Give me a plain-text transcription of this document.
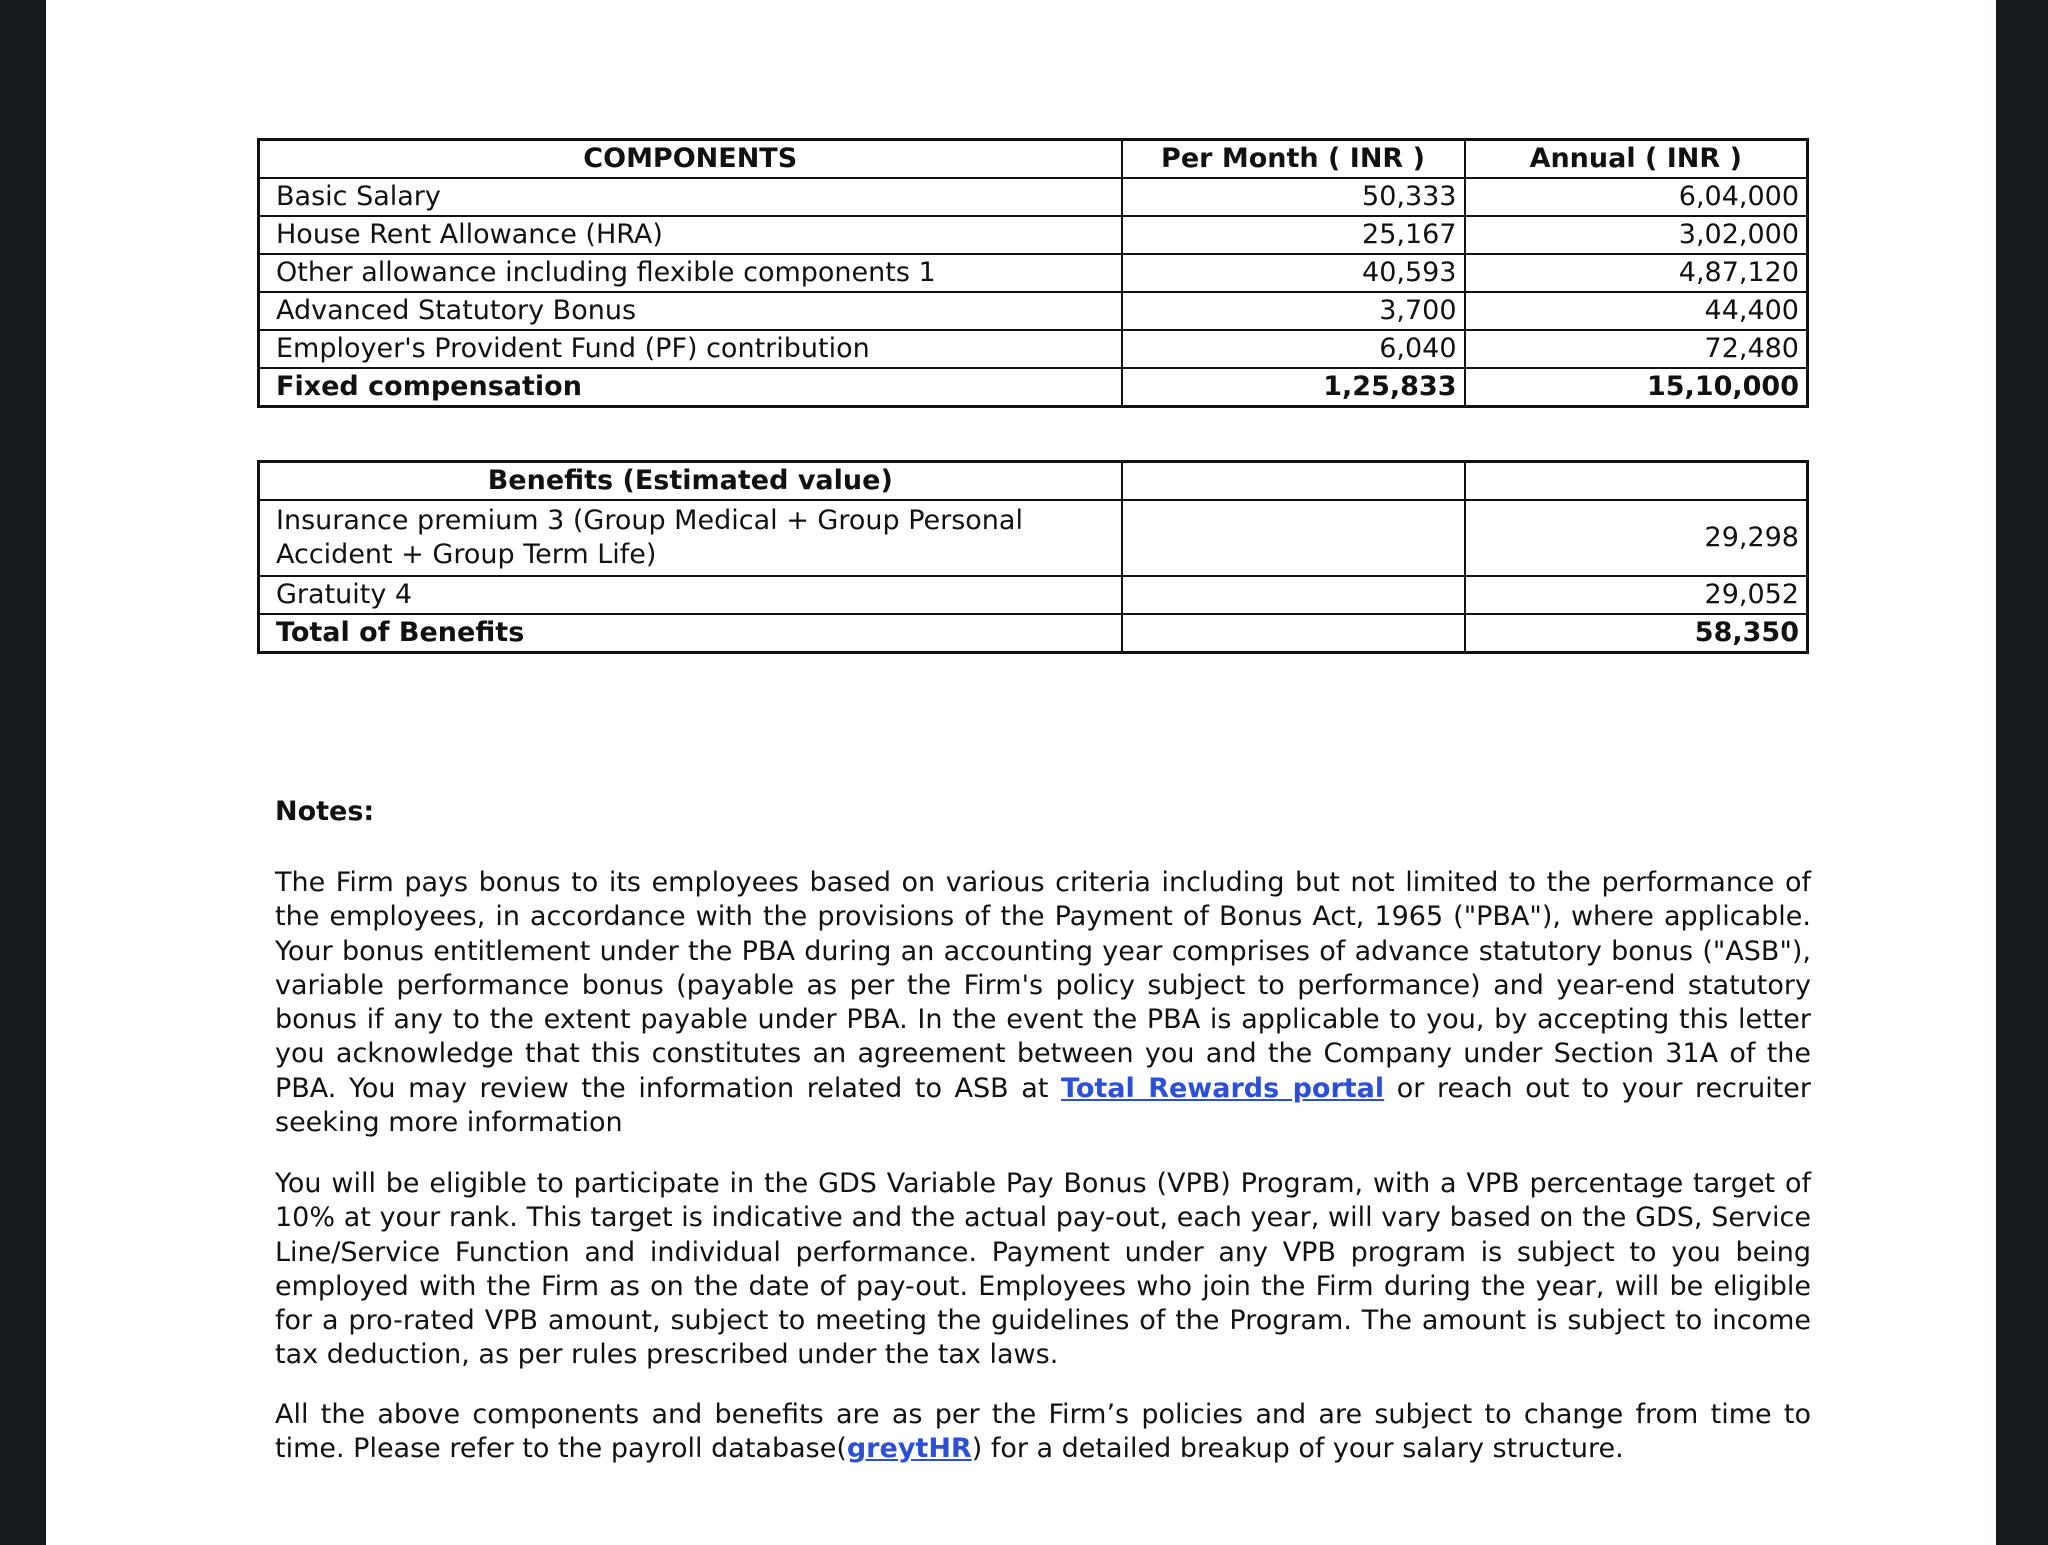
COMPONENTS	Per Month ( INR )	Annual ( INR )
Basic Salary	50,333	6,04,000
House Rent Allowance (HRA)	25,167	3,02,000
Other allowance including flexible components 1	40,593	4,87,120
Advanced Statutory Bonus	3,700	44,400
Employer's Provident Fund (PF) contribution	6,040	72,480
Fixed compensation	1,25,833	15,10,000
Benefits (Estimated value)		
Insurance premium 3 (Group Medical + Group Personal Accident + Group Term Life)		29,298
Gratuity 4		29,052
Total of Benefits		58,350
Notes:

The Firm pays bonus to its employees based on various criteria including but not limited to the performance of the employees, in accordance with the provisions of the Payment of Bonus Act, 1965 ("PBA"), where applicable. Your bonus entitlement under the PBA during an accounting year comprises of advance statutory bonus ("ASB"), variable performance bonus (payable as per the Firm's policy subject to performance) and year-end statutory bonus if any to the extent payable under PBA. In the event the PBA is applicable to you, by accepting this letter you acknowledge that this constitutes an agreement between you and the Company under Section 31A of the PBA. You may review the information related to ASB at Total Rewards portal or reach out to your recruiter seeking more information

You will be eligible to participate in the GDS Variable Pay Bonus (VPB) Program, with a VPB percentage target of 10% at your rank. This target is indicative and the actual pay-out, each year, will vary based on the GDS, Service Line/Service Function and individual performance. Payment under any VPB program is subject to you being employed with the Firm as on the date of pay-out. Employees who join the Firm during the year, will be eligible for a pro-rated VPB amount, subject to meeting the guidelines of the Program. The amount is subject to income tax deduction, as per rules prescribed under the tax laws.

All the above components and benefits are as per the Firm’s policies and are subject to change from time to time. Please refer to the payroll database(greytHR) for a detailed breakup of your salary structure.
